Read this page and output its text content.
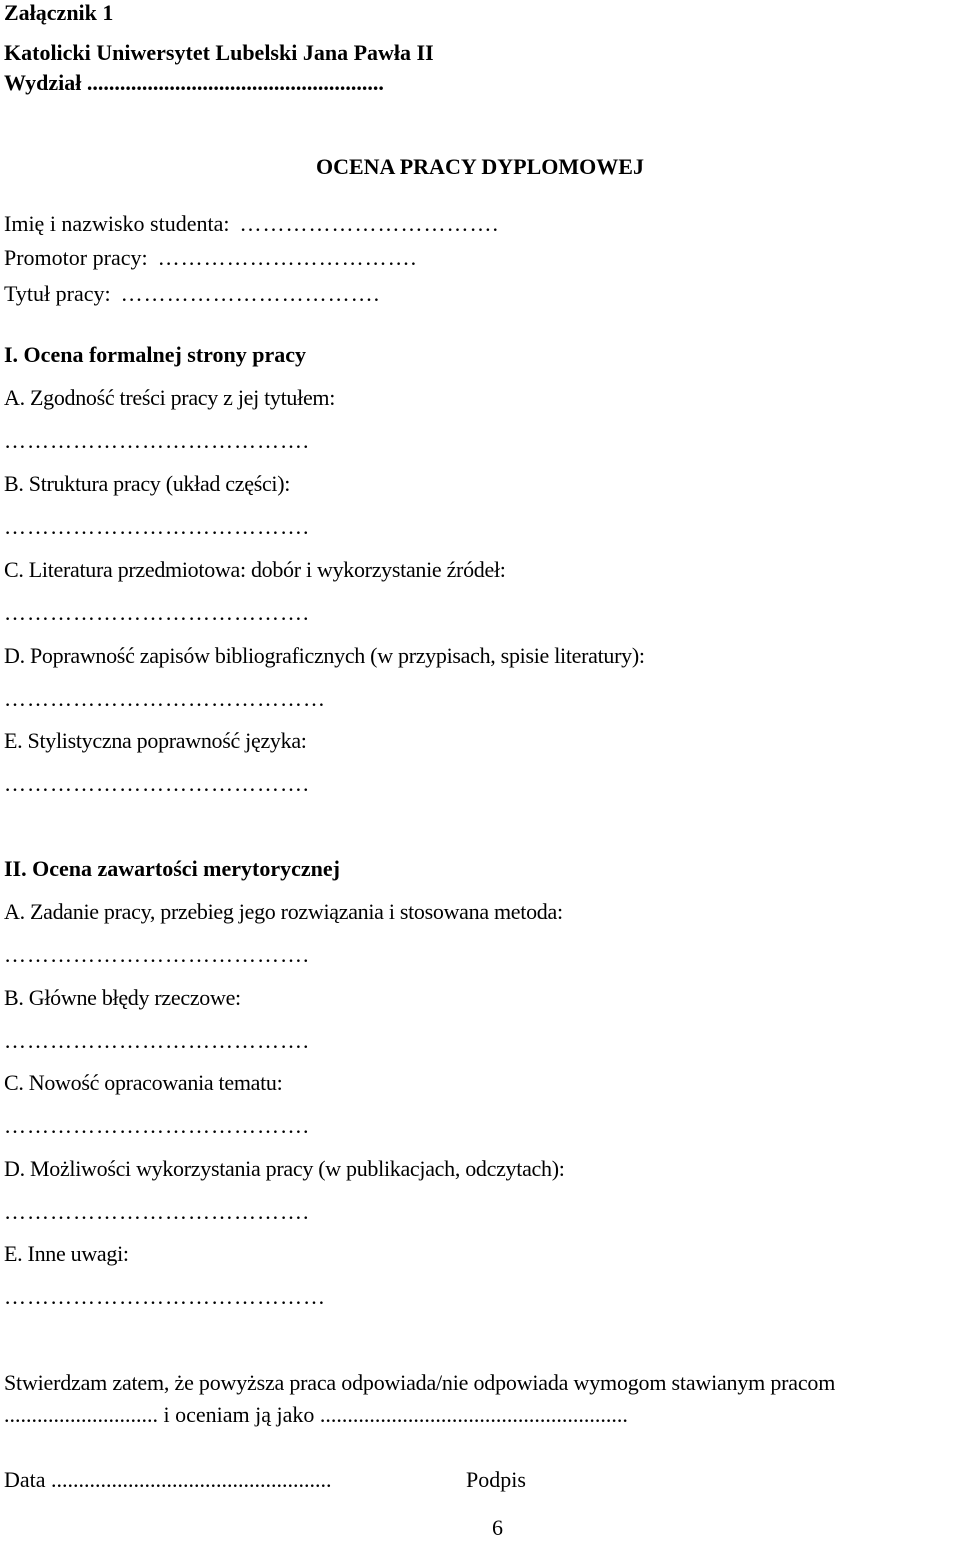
Załącznik 1
Katolicki Uniwersytet Lubelski Jana Pawła II
Wydział ......................................................
OCENA PRACY DYPLOMOWEJ
Imię i nazwisko studenta: …………………………….
Promotor pracy: …………………………….
Tytuł pracy: …………………………….
I. Ocena formalnej strony pracy
A. Zgodność treści pracy z jej tytułem:
………………………………….
B. Struktura pracy (układ części):
………………………………….
C. Literatura przedmiotowa: dobór i wykorzystanie źródeł:
………………………………….
D. Poprawność zapisów bibliograficznych (w przypisach, spisie literatury):
……………………………………
E. Stylistyczna poprawność języka:
………………………………….
II. Ocena zawartości merytorycznej
A. Zadanie pracy, przebieg jego rozwiązania i stosowana metoda:
………………………………….
B. Główne błędy rzeczowe:
………………………………….
C. Nowość opracowania tematu:
………………………………….
D. Możliwości wykorzystania pracy (w publikacjach, odczytach):
………………………………….
E. Inne uwagi:
……………………………………
Stwierdzam zatem, że powyższa praca odpowiada/nie odpowiada wymogom stawianym pracom
............................ i oceniam ją jako ........................................................
Data ...................................................	Podpis
6
